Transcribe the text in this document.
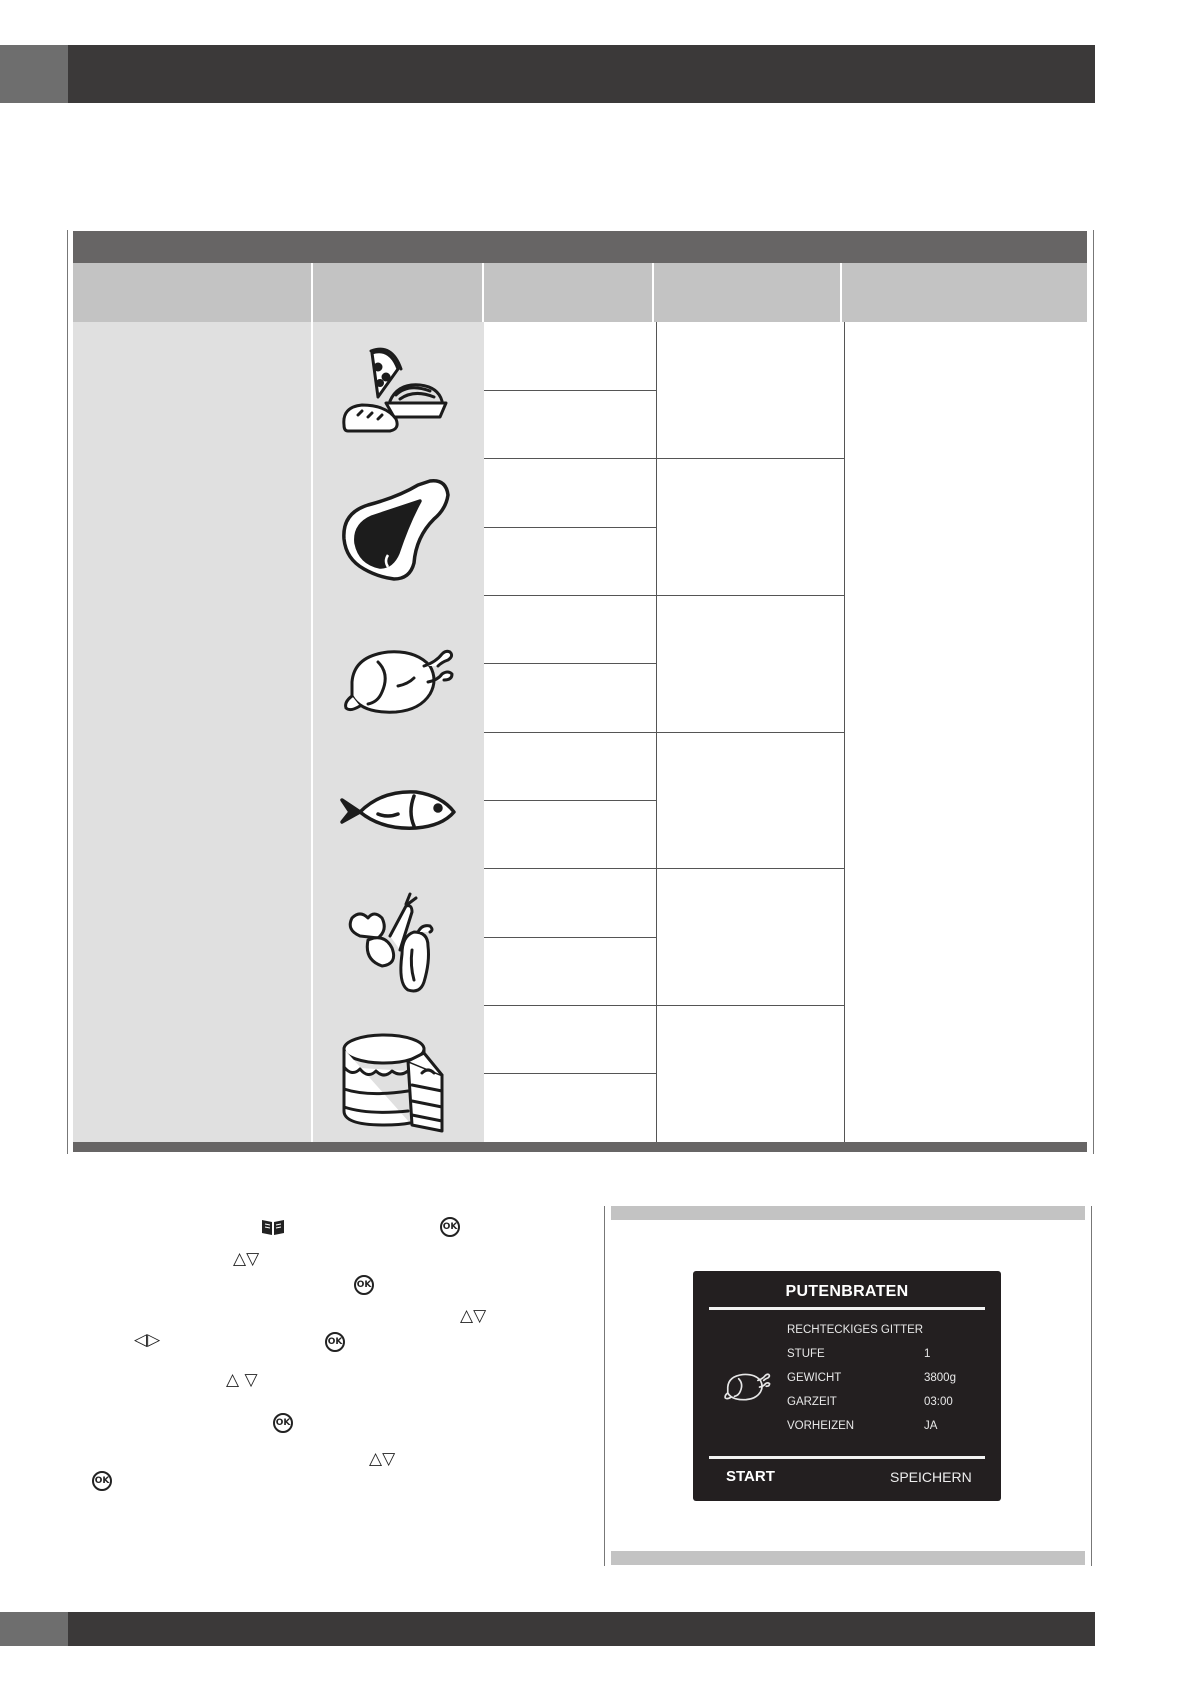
OK
△▽
OK
△▽
◁▷	OK
△ ▽
OK
△▽
OK
PUTENBRATEN
RECHTECKIGES GITTER
STUFE	1
GEWICHT	3800g
GARZEIT	03:00
VORHEIZEN	JA
START	SPEICHERN
